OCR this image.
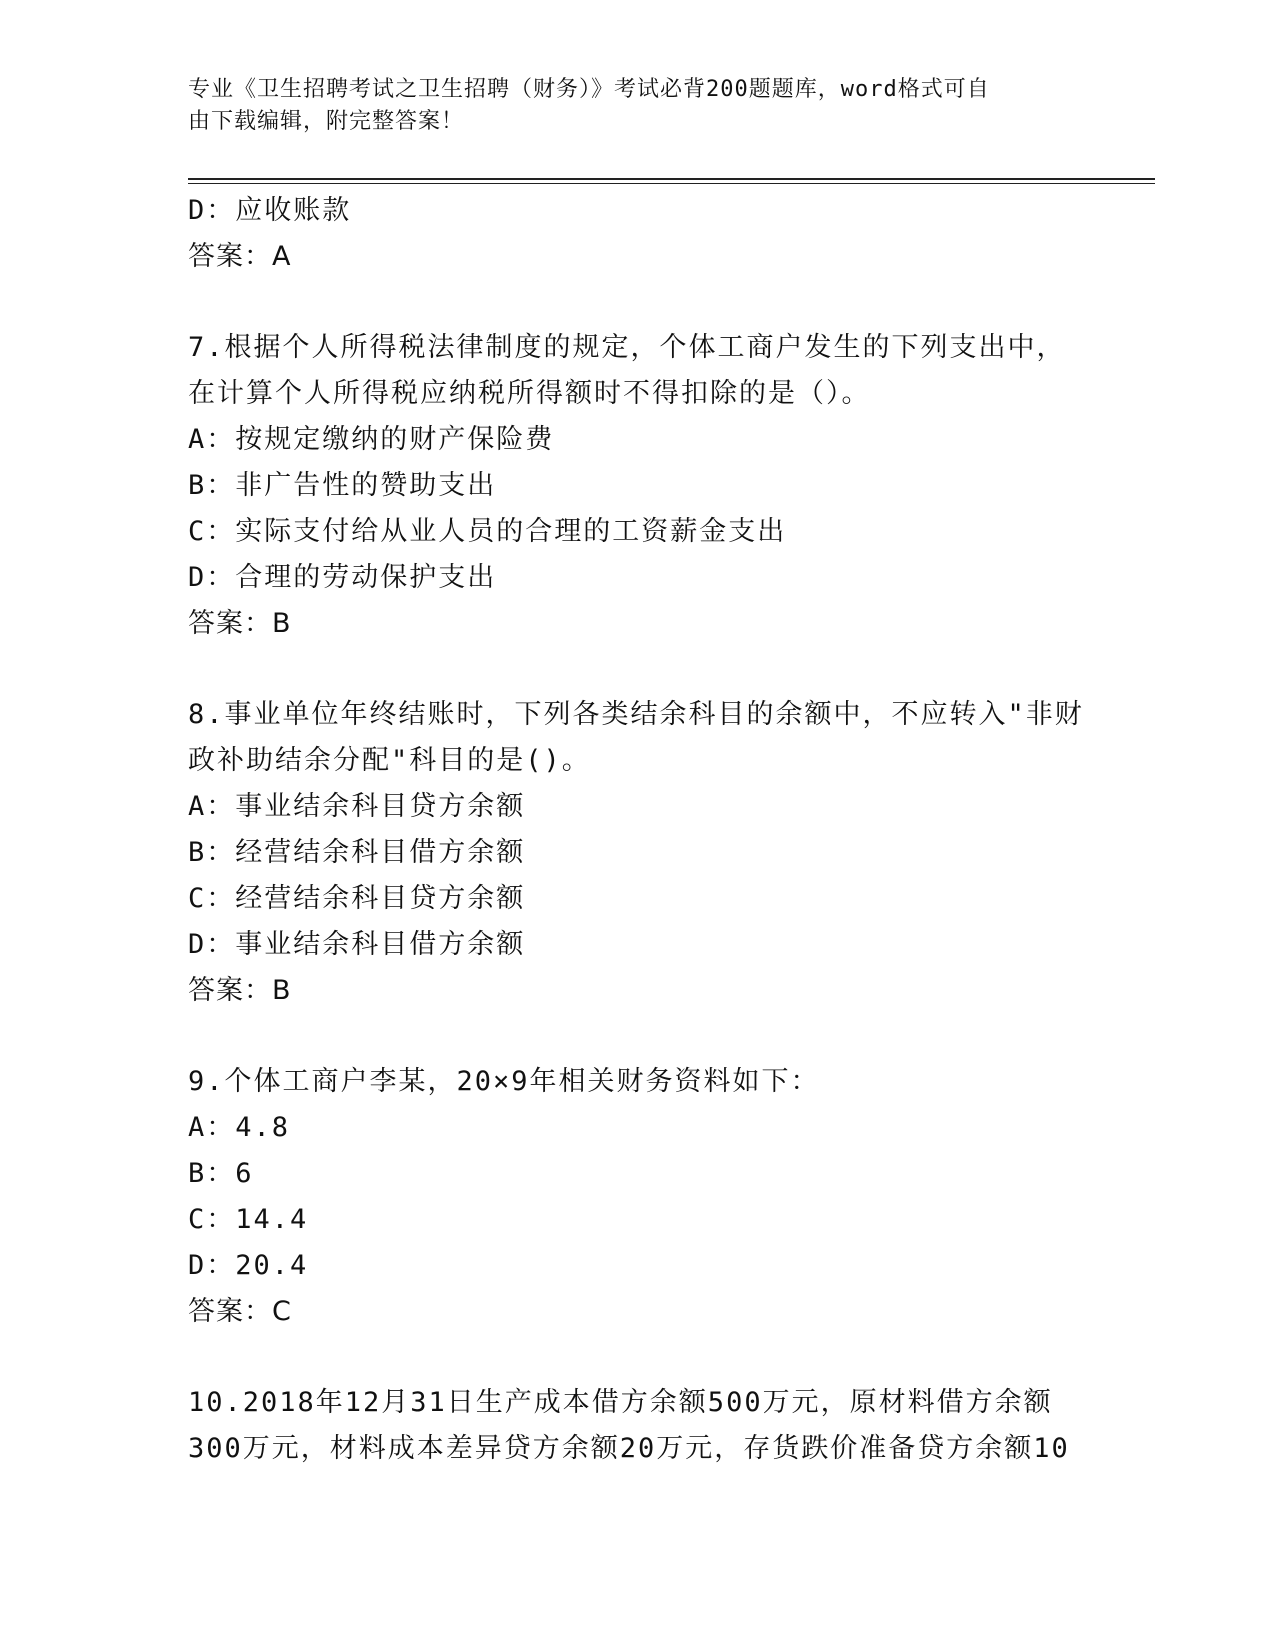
专业《卫生招聘考试之卫生招聘（财务）》考试必背200题题库，word格式可自
由下载编辑，附完整答案！
D：应收账款
答案：A
7.根据个人所得税法律制度的规定，个体工商户发生的下列支出中，
在计算个人所得税应纳税所得额时不得扣除的是（）。
A：按规定缴纳的财产保险费
B：非广告性的赞助支出
C：实际支付给从业人员的合理的工资薪金支出
D：合理的劳动保护支出
答案：B
8.事业单位年终结账时，下列各类结余科目的余额中，不应转入"非财
政补助结余分配"科目的是()。
A：事业结余科目贷方余额
B：经营结余科目借方余额
C：经营结余科目贷方余额
D：事业结余科目借方余额
答案：B
9.个体工商户李某，20×9年相关财务资料如下：
A：4.8
B：6
C：14.4
D：20.4
答案：C
10.2018年12月31日生产成本借方余额500万元，原材料借方余额
300万元，材料成本差异贷方余额20万元，存货跌价准备贷方余额10
